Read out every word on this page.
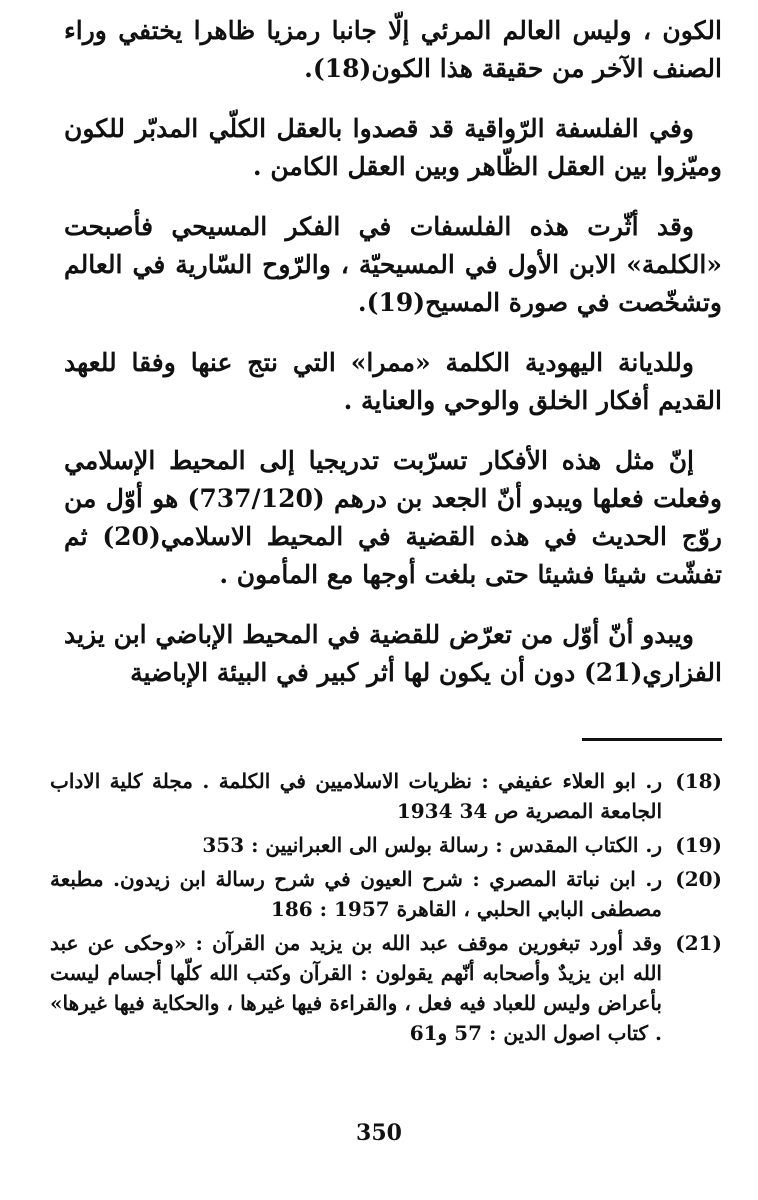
الكون ، وليس العالم المرئي إلّا جانبا رمزيا ظاهرا يختفي وراء الصنف الآخر من حقيقة هذا الكون(18).

وفي الفلسفة الرّواقية قد قصدوا بالعقل الكلّي المدبّر للكون وميّزوا بين العقل الظّاهر وبين العقل الكامن .

وقد أثّرت هذه الفلسفات في الفكر المسيحي فأصبحت «الكلمة» الابن الأول في المسيحيّة ، والرّوح السّارية في العالم وتشخّصت في صورة المسيح(19).

وللديانة اليهودية الكلمة «ممرا» التي نتج عنها وفقا للعهد القديم أفكار الخلق والوحي والعناية .

إنّ مثل هذه الأفكار تسرّبت تدريجيا إلى المحيط الإسلامي وفعلت فعلها ويبدو أنّ الجعد بن درهم (737/120) هو أوّل من روّج الحديث في هذه القضية في المحيط الاسلامي(20) ثم تفشّت شيئا فشيئا حتى بلغت أوجها مع المأمون .

ويبدو أنّ أوّل من تعرّض للقضية في المحيط الإباضي ابن يزيد الفزاري(21) دون أن يكون لها أثر كبير في البيئة الإباضية

(18)
ر. ابو العلاء عفيفي : نظريات الاسلاميين في الكلمة . مجلة كلية الاداب الجامعة المصرية ص 34 1934
(19)
ر. الكتاب المقدس : رسالة بولس الى العبرانيين : 353
(20)
ر. ابن نباتة المصري : شرح العيون في شرح رسالة ابن زيدون. مطبعة مصطفى البابي الحلبي ، القاهرة 1957 : 186
(21)
وقد أورد تبغورين موقف عبد الله بن يزيد من القرآن : «وحكى عن عبد الله ابن يزيدٌ وأصحابه أنّهم يقولون : القرآن وكتب الله كلّها أجسام ليست بأعراض وليس للعباد فيه فعل ، والقراءة فيها غيرها ، والحكاية فيها غيرها» . كتاب اصول الدين : 57 و61
350
